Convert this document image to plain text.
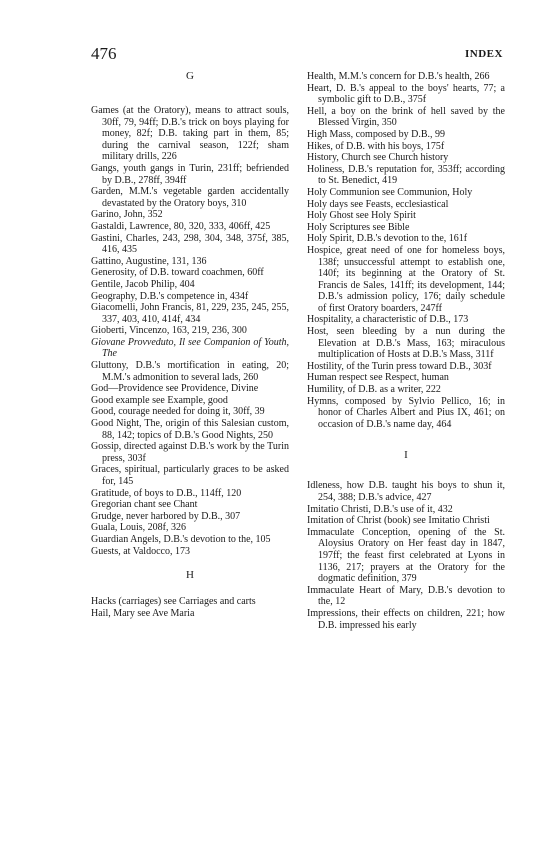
476	INDEX

G

Games (at the Oratory), means to attract souls, 30ff, 79, 94ff; D.B.'s trick on boys playing for money, 82f; D.B. taking part in them, 85; during the carnival season, 122f; sham military drills, 226

Gangs, youth gangs in Turin, 231ff; befriended by D.B., 278ff, 394ff

Garden, M.M.'s vegetable garden accidentally devastated by the Oratory boys, 310

Garino, John, 352

Gastaldi, Lawrence, 80, 320, 333, 406ff, 425

Gastini, Charles, 243, 298, 304, 348, 375f, 385, 416, 435

Gattino, Augustine, 131, 136

Generosity, of D.B. toward coachmen, 60ff

Gentile, Jacob Philip, 404

Geography, D.B.'s competence in, 434f

Giacomelli, John Francis, 81, 229, 235, 245, 255, 337, 403, 410, 414f, 434

Gioberti, Vincenzo, 163, 219, 236, 300

Giovane Provveduto, Il see Companion of Youth, The

Gluttony, D.B.'s mortification in eating, 20; M.M.'s admonition to several lads, 260

God—Providence see Providence, Divine

Good example see Example, good

Good, courage needed for doing it, 30ff, 39

Good Night, The, origin of this Salesian custom, 88, 142; topics of D.B.'s Good Nights, 250

Gossip, directed against D.B.'s work by the Turin press, 303f

Graces, spiritual, particularly graces to be asked for, 145

Gratitude, of boys to D.B., 114ff, 120

Gregorian chant see Chant

Grudge, never harbored by D.B., 307

Guala, Louis, 208f, 326

Guardian Angels, D.B.'s devotion to the, 105

Guests, at Valdocco, 173

H

Hacks (carriages) see Carriages and carts

Hail, Mary see Ave Maria

Health, M.M.'s concern for D.B.'s health, 266

Heart, D. B.'s appeal to the boys' hearts, 77; a symbolic gift to D.B., 375f

Hell, a boy on the brink of hell saved by the Blessed Virgin, 350

High Mass, composed by D.B., 99

Hikes, of D.B. with his boys, 175f

History, Church see Church history

Holiness, D.B.'s reputation for, 353ff; according to St. Benedict, 419

Holy Communion see Communion, Holy

Holy days see Feasts, ecclesiastical

Holy Ghost see Holy Spirit

Holy Scriptures see Bible

Holy Spirit, D.B.'s devotion to the, 161f

Hospice, great need of one for homeless boys, 138f; unsuccessful attempt to establish one, 140f; its beginning at the Oratory of St. Francis de Sales, 141ff; its development, 144; D.B.'s admission policy, 176; daily schedule of first Oratory boarders, 247ff

Hospitality, a characteristic of D.B., 173

Host, seen bleeding by a nun during the Elevation at D.B.'s Mass, 163; miraculous multiplication of Hosts at D.B.'s Mass, 311f

Hostility, of the Turin press toward D.B., 303f

Human respect see Respect, human

Humility, of D.B. as a writer, 222

Hymns, composed by Sylvio Pellico, 16; in honor of Charles Albert and Pius IX, 461; on occasion of D.B.'s name day, 464

I

Idleness, how D.B. taught his boys to shun it, 254, 388; D.B.'s advice, 427

Imitatio Christi, D.B.'s use of it, 432

Imitation of Christ (book) see Imitatio Christi

Immaculate Conception, opening of the St. Aloysius Oratory on Her feast day in 1847, 197ff; the feast first celebrated at Lyons in 1136, 217; prayers at the Oratory for the dogmatic definition, 379

Immaculate Heart of Mary, D.B.'s devotion to the, 12

Impressions, their effects on children, 221; how D.B. impressed his early
